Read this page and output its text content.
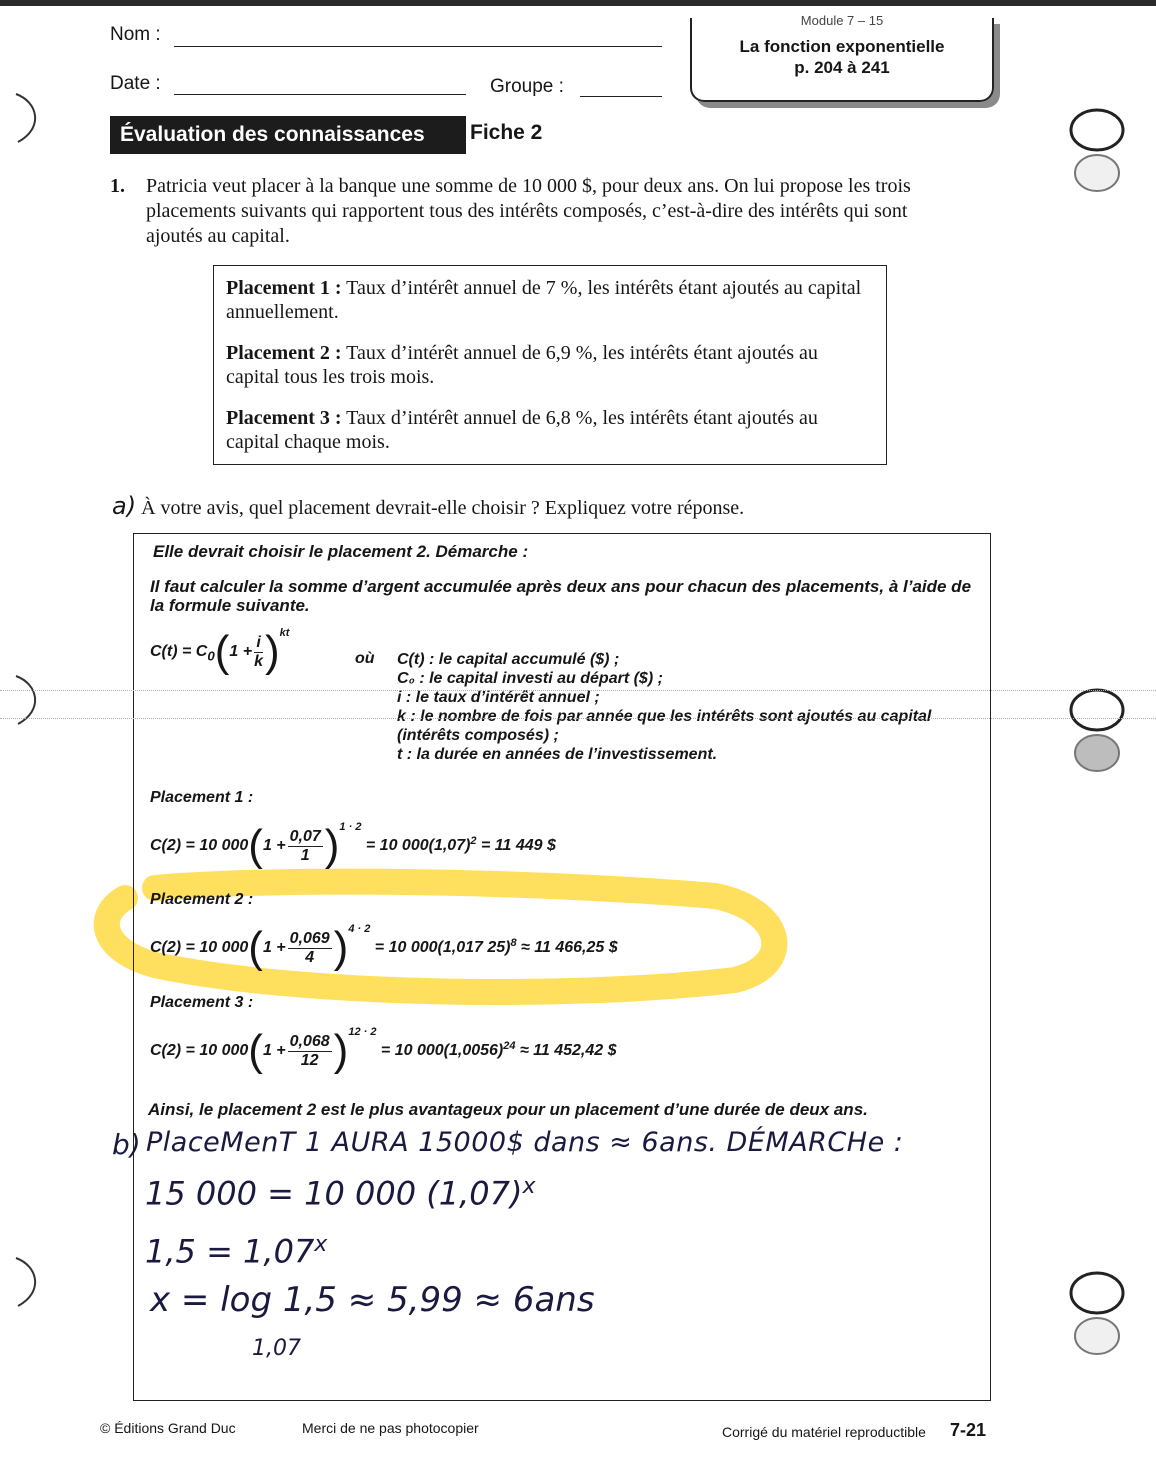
Nom :
Date :	Groupe :
Module 7 – 15
La fonction exponentielle
p. 204 à 241
Évaluation des connaissances	Fiche 2
1. Patricia veut placer à la banque une somme de 10 000 $, pour deux ans. On lui propose les trois placements suivants qui rapportent tous des intérêts composés, c’est-à-dire des intérêts qui sont ajoutés au capital.

Placement 1 : Taux d’intérêt annuel de 7 %, les intérêts étant ajoutés au capital annuellement.

Placement 2 : Taux d’intérêt annuel de 6,9 %, les intérêts étant ajoutés au capital tous les trois mois.

Placement 3 : Taux d’intérêt annuel de 6,8 %, les intérêts étant ajoutés au capital chaque mois.

a) À votre avis, quel placement devrait-elle choisir ? Expliquez votre réponse.
Elle devrait choisir le placement 2. Démarche :
Il faut calculer la somme d’argent accumulée après deux ans pour chacun des placements, à l’aide de la formule suivante.
$C(t) = C_0(1 + \frac{i}{k} )^{kt}$
où C(t) : le capital accumulé ($) ;
C₀ : le capital investi au départ ($) ;
i : le taux d’intérêt annuel ;
k : le nombre de fois par année que les intérêts sont ajoutés au capital (intérêts composés) ;
t : la durée en années de l’investissement.
Placement 1 :
C(2) = 10 $000(1 + \frac{0,07}{1} )^{1 \cdot 2} = 10$ $000(1,07)^2 = 11$ 449 $
Placement 2 :
C(2) = 10 $000(1 + \frac{0,069}{4} )^{4 \cdot 2} = 10$ 000(1,017 25)$^8$ ≈ 11 466,25 $
Placement 3 :
C(2) = 10 $000(1 + \frac{0,068}{12} )^{12 \cdot 2} = 10$ $000(1,0056)^{24} \approx 11$ 452,42 $
Ainsi, le placement 2 est le plus avantageux pour un placement d’une durée de deux ans.
b) PlaceMenT 1 AURA 15000$ dans ≈ 6ans. DÉMARCHe :
15 000 = 10 000 $(1,07)^x$
$1,5 = 1,07^x$
x = log 1,5 ≈ 5,99 ≈ 6ans
1,07
© Éditions Grand Duc	Merci de ne pas photocopier	Corrigé du matériel reproductible 7-21
